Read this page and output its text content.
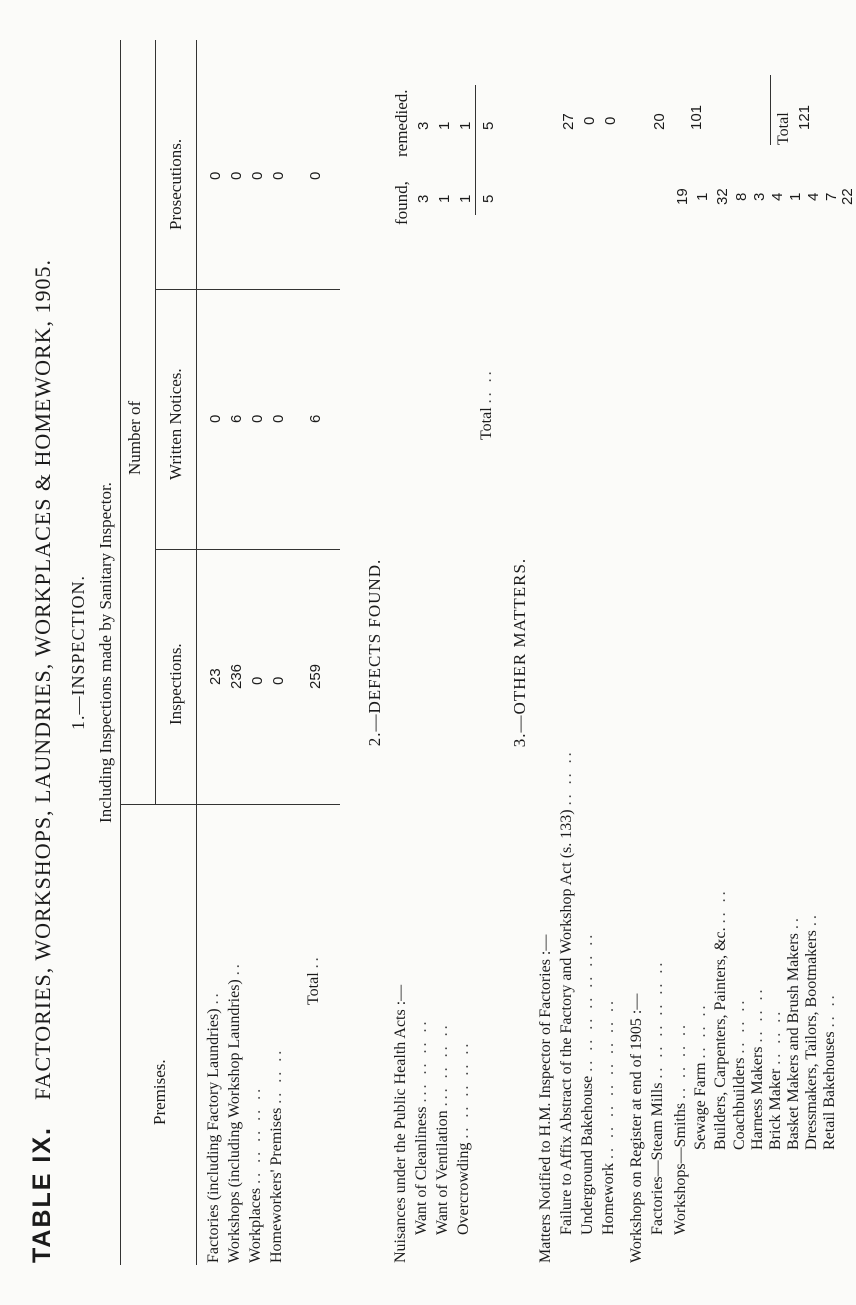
TABLE IX.    FACTORIES, WORKSHOPS, LAUNDRIES, WORKPLACES & HOMEWORK, 1905. 1.—INSPECTION. Including Inspections made by Sanitary Inspector.
Premises.
Number of
Inspections.
Written Notices.
Prosecutions.
Factories (including Factory Laundries) ..
23
0
0
Workshops (including Workshop Laundries) ..
236
6
0
Workplaces .. .. .. .. ..
0
0
0
Homeworkers' Premises .. .. ..
0
0
0
Total ..
259
6
0
2.—DEFECTS FOUND.
Nuisances under the Public Health Acts :—
found,
remedied.
Want of Cleanliness ... .. .. ..
3
3
Want of Ventilation ... .. .. ..
1
1
Overcrowding .. .. .. .. ..
1
1
Total .. ..
5
5
3.—OTHER MATTERS.
Matters Notified to H.M. Inspector of Factories :— Failure to Affix Abstract of the Factory and Workshop Act (s. 133) .. .. ..
27
Underground Bakehouse .. .. .. .. .. .. ..
0
Homework .. .. .. .. .. .. .. ..
0
Workshops on Register at end of 1905 :— Factories—Steam Mills .. .. .. .. .. ..
20 101
Workshops—Smiths .. .. .. ..
19
Sewage Farm .. .. ..
1
Builders, Carpenters, Painters, &c. .. ..
32
Coachbuilders .. .. ..
8
Harness Makers .. .. ..
3
Brick Maker .. .. ..
4
Basket Makers and Brush Makers ..
1
Dressmakers, Tailors, Bootmakers ..
4
Retail Bakehouses .. ..
7 22
Total 121
